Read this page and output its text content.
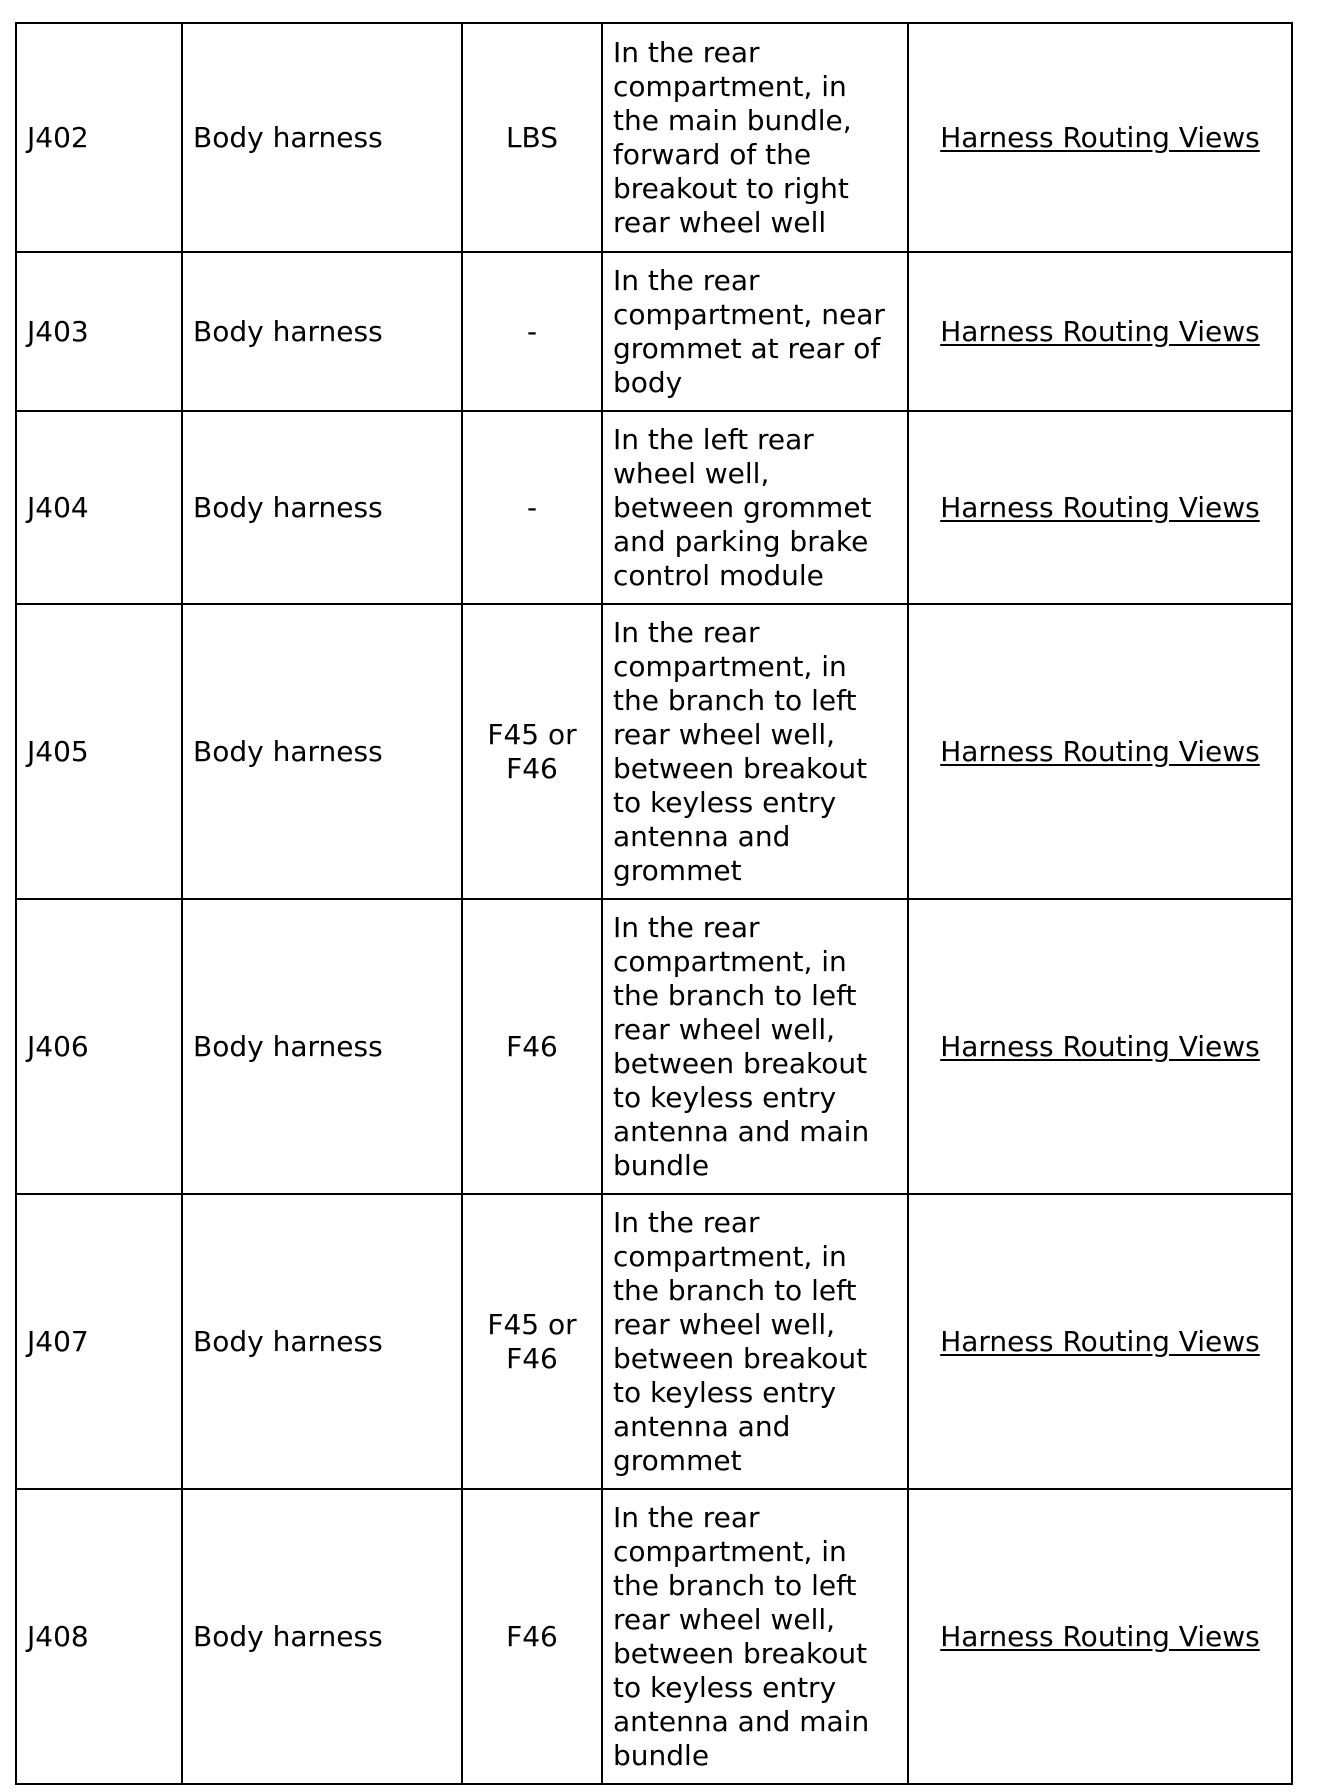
J402	Body harness	LBS	In the rear compartment, in the main bundle, forward of the breakout to right rear wheel well	Harness Routing Views
J403	Body harness	-	In the rear compartment, near grommet at rear of body	Harness Routing Views
J404	Body harness	-	In the left rear wheel well, between grommet and parking brake control module	Harness Routing Views
J405	Body harness	F45 or F46	In the rear compartment, in the branch to left rear wheel well, between breakout to keyless entry antenna and grommet	Harness Routing Views
J406	Body harness	F46	In the rear compartment, in the branch to left rear wheel well, between breakout to keyless entry antenna and main bundle	Harness Routing Views
J407	Body harness	F45 or F46	In the rear compartment, in the branch to left rear wheel well, between breakout to keyless entry antenna and grommet	Harness Routing Views
J408	Body harness	F46	In the rear compartment, in the branch to left rear wheel well, between breakout to keyless entry antenna and main bundle	Harness Routing Views
